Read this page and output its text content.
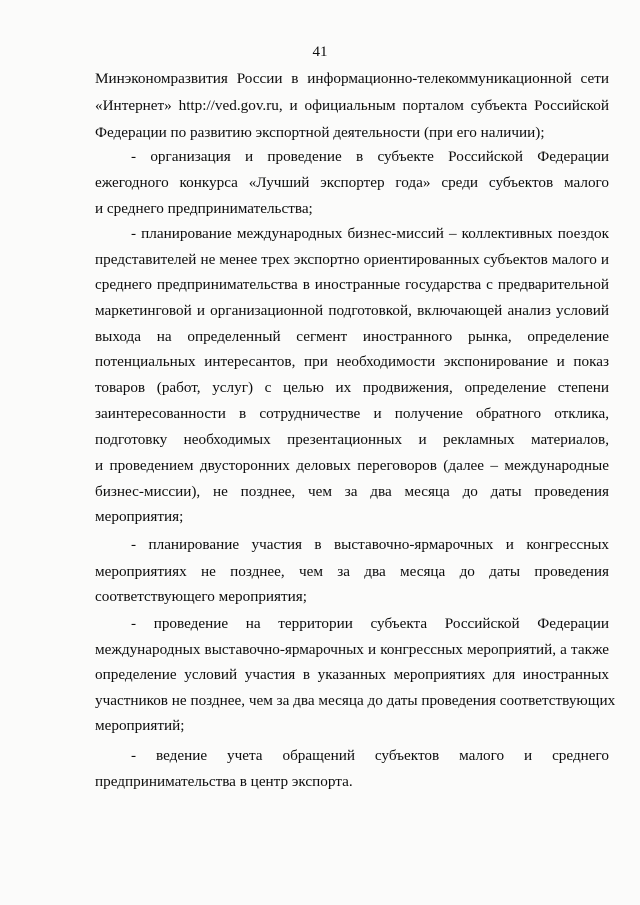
41
Минэкономразвития России в информационно-телекоммуникационной сети
«Интернет» http://ved.gov.ru, и официальным порталом субъекта Российской
Федерации по развитию экспортной деятельности (при его наличии);
- организация и проведение в субъекте Российской Федерации
ежегодного конкурса «Лучший экспортер года» среди субъектов малого
и среднего предпринимательства;
- планирование международных бизнес-миссий – коллективных поездок
представителей не менее трех экспортно ориентированных субъектов малого и
среднего предпринимательства в иностранные государства с предварительной
маркетинговой и организационной подготовкой, включающей анализ условий
выхода на определенный сегмент иностранного рынка, определение
потенциальных интересантов, при необходимости экспонирование и показ
товаров (работ, услуг) с целью их продвижения, определение степени
заинтересованности в сотрудничестве и получение обратного отклика,
подготовку необходимых презентационных и рекламных материалов,
и проведением двусторонних деловых переговоров (далее – международные
бизнес-миссии), не позднее, чем за два месяца до даты проведения
мероприятия;
- планирование участия в выставочно-ярмарочных и конгрессных
мероприятиях не позднее, чем за два месяца до даты проведения
соответствующего мероприятия;
- проведение на территории субъекта Российской Федерации
международных выставочно-ярмарочных и конгрессных мероприятий, а также
определение условий участия в указанных мероприятиях для иностранных
участников не позднее, чем за два месяца до даты проведения соответствующих
мероприятий;
- ведение учета обращений субъектов малого и среднего
предпринимательства в центр экспорта.
